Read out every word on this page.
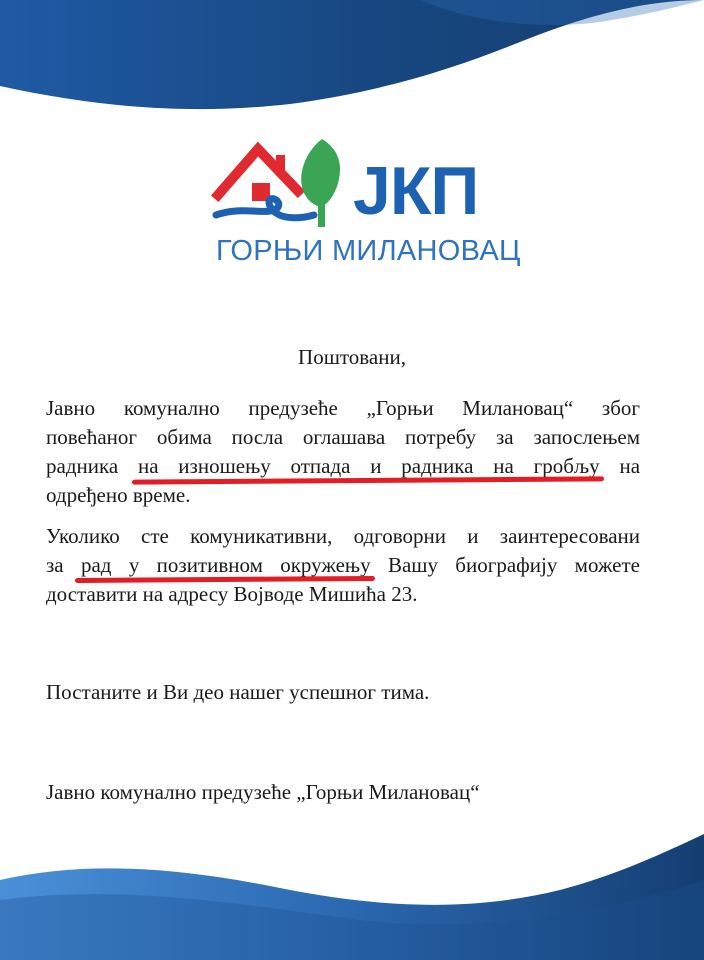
ЈКП
ГОРЊИ МИЛАНОВАЦ
Поштовани,

Јавно комунално предузеће „Горњи Милановац“ због
повећаног обима посла оглашава потребу за запослењем
радника на изношењу отпада и радника на гробљу на
одређено време.

Уколико сте комуникативни, одговорни и заинтересовани
за рад у позитивном окружењу Вашу биографију можете
доставити на адресу Војводе Мишића 23.

Постаните и Ви део нашег успешног тима.

Јавно комунално предузеће „Горњи Милановац“
